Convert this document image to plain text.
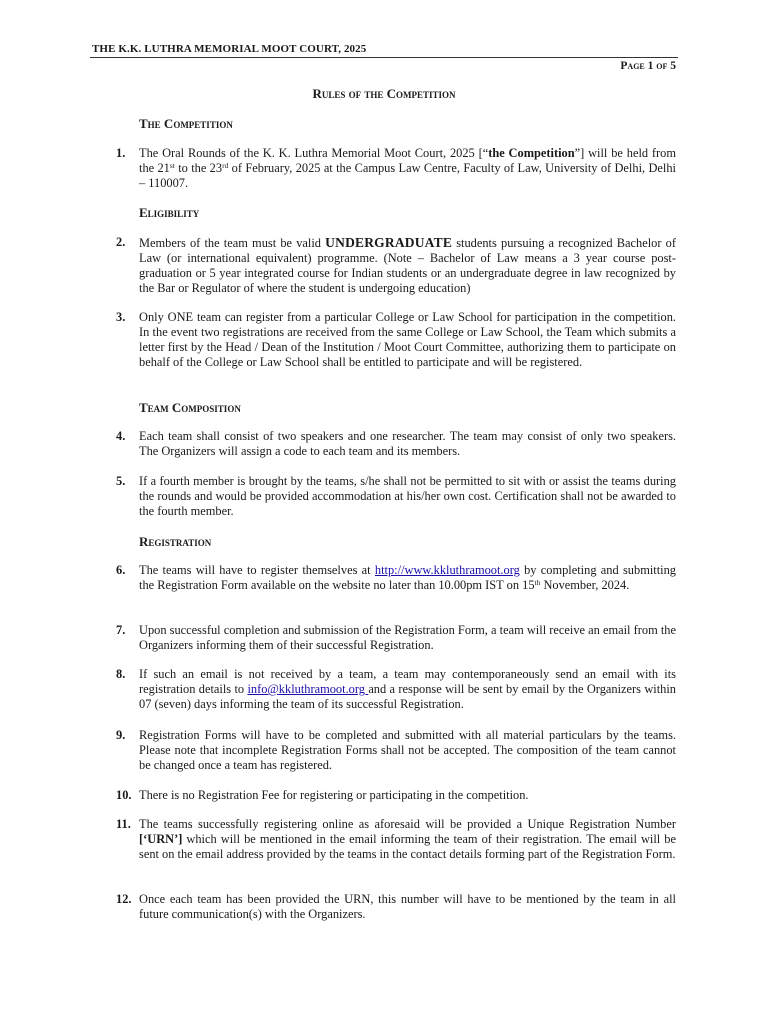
THE K.K. LUTHRA MEMORIAL MOOT COURT, 2025
Page 1 of 5
Rules of the Competition
The Competition
1. The Oral Rounds of the K. K. Luthra Memorial Moot Court, 2025 [“the Competition”] will be held from the 21st to the 23rd of February, 2025 at the Campus Law Centre, Faculty of Law, University of Delhi, Delhi – 110007.
Eligibility
2. Members of the team must be valid UNDERGRADUATE students pursuing a recognized Bachelor of Law (or international equivalent) programme. (Note – Bachelor of Law means a 3 year course post-graduation or 5 year integrated course for Indian students or an undergraduate degree in law recognized by the Bar or Regulator of where the student is undergoing education)
3. Only ONE team can register from a particular College or Law School for participation in the competition. In the event two registrations are received from the same College or Law School, the Team which submits a letter first by the Head / Dean of the Institution / Moot Court Committee, authorizing them to participate on behalf of the College or Law School shall be entitled to participate and will be registered.
Team Composition
4. Each team shall consist of two speakers and one researcher. The team may consist of only two speakers. The Organizers will assign a code to each team and its members.
5. If a fourth member is brought by the teams, s/he shall not be permitted to sit with or assist the teams during the rounds and would be provided accommodation at his/her own cost. Certification shall not be awarded to the fourth member.
Registration
6. The teams will have to register themselves at http://www.kkluthramoot.org by completing and submitting the Registration Form available on the website no later than 10.00pm IST on 15th November, 2024.
7. Upon successful completion and submission of the Registration Form, a team will receive an email from the Organizers informing them of their successful Registration.
8. If such an email is not received by a team, a team may contemporaneously send an email with its registration details to info@kkluthramoot.org and a response will be sent by email by the Organizers within 07 (seven) days informing the team of its successful Registration.
9. Registration Forms will have to be completed and submitted with all material particulars by the teams. Please note that incomplete Registration Forms shall not be accepted. The composition of the team cannot be changed once a team has registered.
10. There is no Registration Fee for registering or participating in the competition.
11. The teams successfully registering online as aforesaid will be provided a Unique Registration Number [‘URN’] which will be mentioned in the email informing the team of their registration. The email will be sent on the email address provided by the teams in the contact details forming part of the Registration Form.
12. Once each team has been provided the URN, this number will have to be mentioned by the team in all future communication(s) with the Organizers.
